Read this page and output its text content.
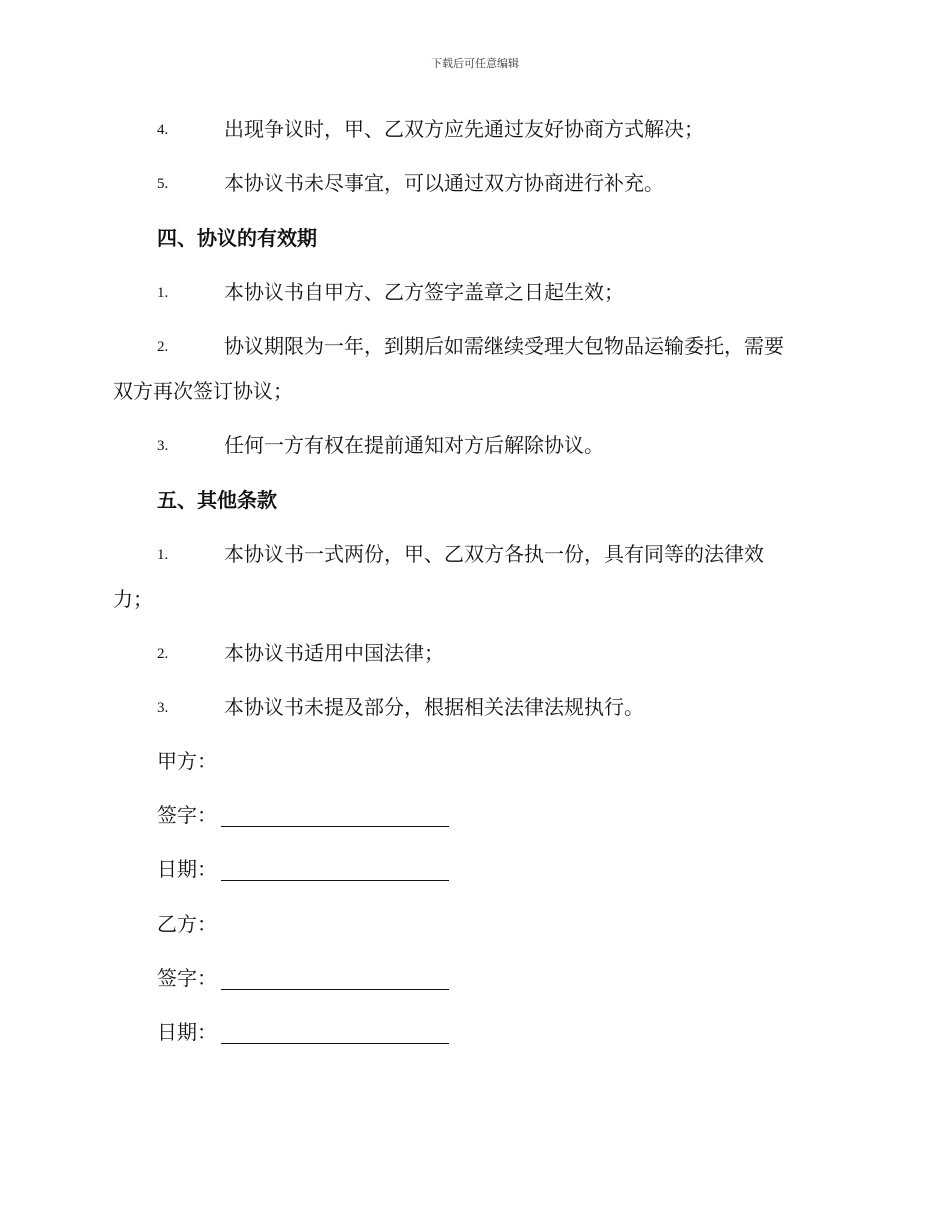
下载后可任意编辑
4.	出现争议时，甲、乙双方应先通过友好协商方式解决；
5.	本协议书未尽事宜，可以通过双方协商进行补充。
四、协议的有效期
1.	本协议书自甲方、乙方签字盖章之日起生效；
2.	协议期限为一年，到期后如需继续受理大包物品运输委托，需要
双方再次签订协议；
3.	任何一方有权在提前通知对方后解除协议。
五、其他条款
1.	本协议书一式两份，甲、乙双方各执一份，具有同等的法律效
力；
2.	本协议书适用中国法律；
3.	本协议书未提及部分，根据相关法律法规执行。
甲方：
签字：
日期：
乙方：
签字：
日期：
